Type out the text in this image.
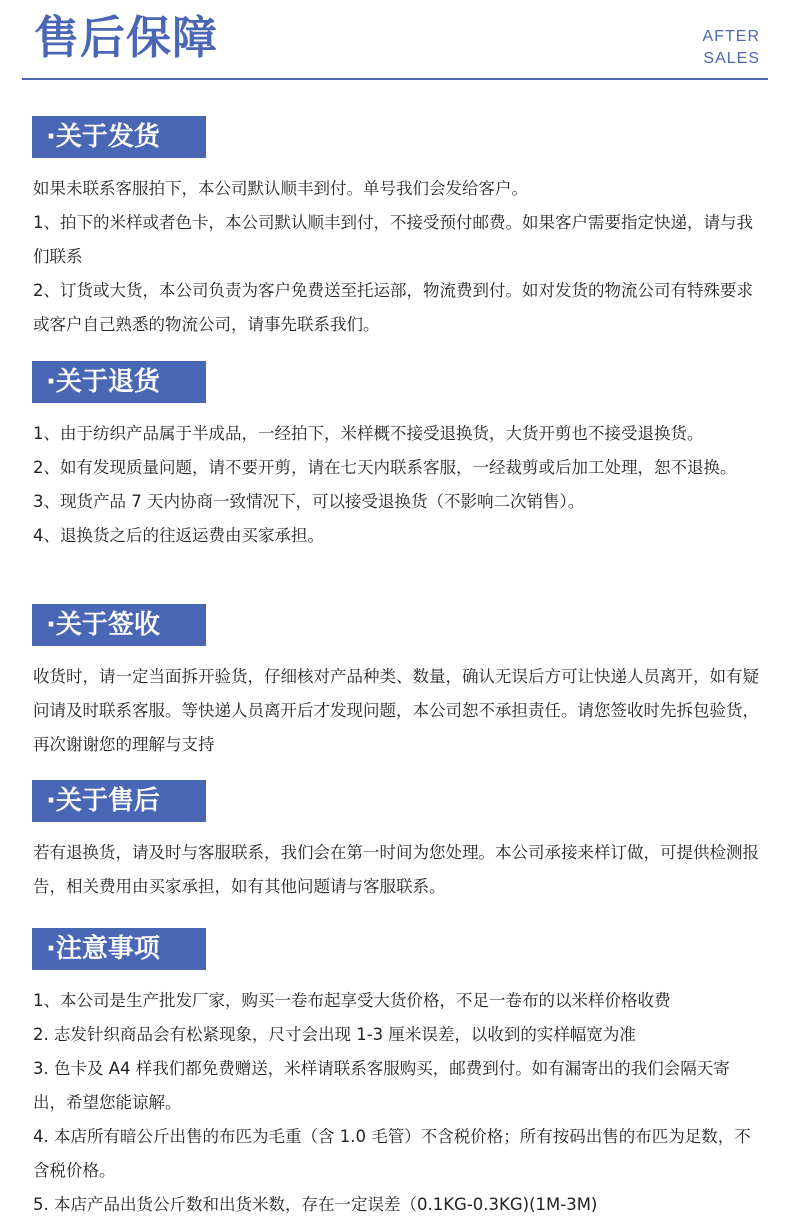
售后保障	AFTER
SALES
·关于发货

如果未联系客服拍下，本公司默认顺丰到付。单号我们会发给客户。

1、拍下的米样或者色卡，本公司默认顺丰到付，不接受预付邮费。如果客户需要指定快递，请与我们联系

2、订货或大货，本公司负责为客户免费送至托运部，物流费到付。如对发货的物流公司有特殊要求或客户自己熟悉的物流公司，请事先联系我们。

·关于退货

1、由于纺织产品属于半成品，一经拍下，米样概不接受退换货，大货开剪也不接受退换货。

2、如有发现质量问题，请不要开剪，请在七天内联系客服，一经裁剪或后加工处理，恕不退换。

3、现货产品 7 天内协商一致情况下，可以接受退换货（不影响二次销售）。

4、退换货之后的往返运费由买家承担。

·关于签收

收货时，请一定当面拆开验货，仔细核对产品种类、数量，确认无误后方可让快递人员离开，如有疑问请及时联系客服。等快递人员离开后才发现问题，本公司恕不承担责任。请您签收时先拆包验货，再次谢谢您的理解与支持

·关于售后

若有退换货，请及时与客服联系，我们会在第一时间为您处理。本公司承接来样订做，可提供检测报告，相关费用由买家承担，如有其他问题请与客服联系。

·注意事项

1、本公司是生产批发厂家，购买一卷布起享受大货价格，不足一卷布的以米样价格收费

2. 志发针织商品会有松紧现象，尺寸会出现 1-3 厘米误差，以收到的实样幅宽为准

3. 色卡及 A4 样我们都免费赠送，米样请联系客服购买，邮费到付。如有漏寄出的我们会隔天寄出，希望您能谅解。

4. 本店所有暗公斤出售的布匹为毛重（含 1.0 毛管）不含税价格；所有按码出售的布匹为足数，不含税价格。

5. 本店产品出货公斤数和出货米数，存在一定误差（0.1KG-0.3KG)(1M-3M)
